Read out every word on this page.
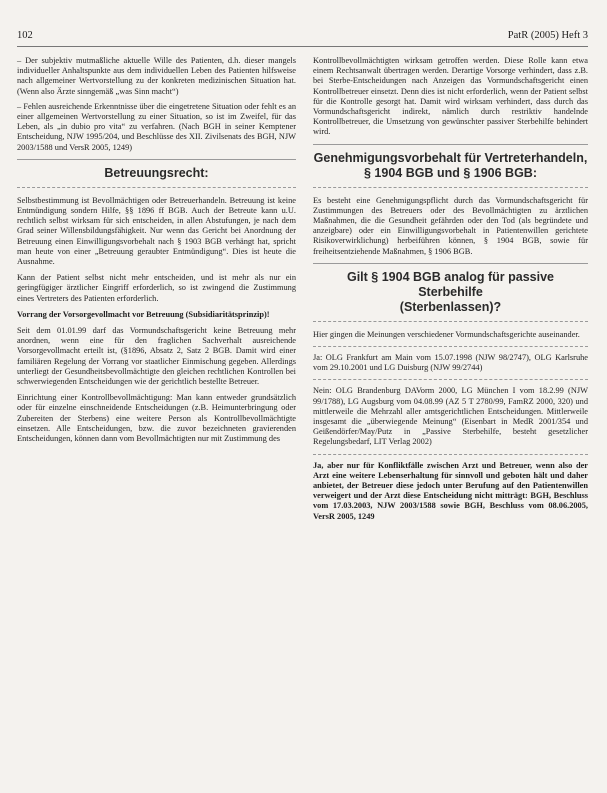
102	PatR (2005) Heft 3

– Der subjektiv mutmaßliche aktuelle Wille des Patienten, d.h. dieser mangels individueller Anhaltspunkte aus dem individuellen Leben des Patienten hilfsweise nach allgemeiner Wertvorstellung zu der konkreten medizinischen Situation hat. (Wenn also Ärzte sinngemäß „was Sinn macht“)

– Fehlen ausreichende Erkenntnisse über die eingetretene Situation oder fehlt es an einer allgemeinen Wertvorstellung zu einer Situation, so ist im Zweifel, für das Leben, als „in dubio pro vita“ zu verfahren. (Nach BGH in seiner Kemptener Entscheidung, NJW 1995/204, und Beschlüsse des XII. Zivilsenats des BGH, NJW 2003/1588 und VersR 2005, 1249)

Betreuungsrecht:

Selbstbestimmung ist Bevollmächtigen oder Betreuerhandeln. Betreuung ist keine Entmündigung sondern Hilfe, §§ 1896 ff BGB. Auch der Betreute kann u.U. rechtlich selbst wirksam für sich entscheiden, in allen Abstufungen, je nach dem Grad seiner Willensbildungsfähigkeit. Nur wenn das Gericht bei Anordnung der Betreuung einen Einwilligungsvorbehalt nach § 1903 BGB verhängt hat, spricht man heute von einer „Betreuung geraubter Entmündigung“. Dies ist heute die Ausnahme.

Kann der Patient selbst nicht mehr entscheiden, und ist mehr als nur ein geringfügiger ärztlicher Eingriff erforderlich, so ist zwingend die Zustimmung eines Vertreters des Patienten erforderlich.

Vorrang der Vorsorgevollmacht vor Betreuung (Subsidiaritätsprinzip)!

Seit dem 01.01.99 darf das Vormundschaftsgericht keine Betreuung mehr anordnen, wenn eine für den fraglichen Sachverhalt ausreichende Vorsorgevollmacht erteilt ist, (§1896, Absatz 2, Satz 2 BGB. Damit wird einer familiären Regelung der Vorrang vor staatlicher Einmischung gegeben. Allerdings unterliegt der Gesundheitsbevollmächtigte den gleichen rechtlichen Kontrollen bei schwerwiegenden Entscheidungen wie der gerichtlich bestellte Betreuer.

Einrichtung einer Kontrollbevollmächtigung: Man kann entweder grundsätzlich oder für einzelne einschneidende Entscheidungen (z.B. Heimunterbringung oder Zubereiten der Sterbens) eine weitere Person als Kontrollbevollmächtigte einsetzen. Alle Entscheidungen, bzw. die zuvor bezeichneten gravierenden Entscheidungen, können dann vom Bevollmächtigten nur mit Zustimmung des

Kontrollbevollmächtigten wirksam getroffen werden. Diese Rolle kann etwa einem Rechtsanwalt übertragen werden. Derartige Vorsorge verhindert, dass z.B. bei Sterbe-Entscheidungen nach Anzeigen das Vormundschaftsgericht einen Kontrollbetreuer einsetzt. Denn dies ist nicht erforderlich, wenn der Patient selbst für die Kontrolle gesorgt hat. Damit wird wirksam verhindert, dass durch das Vormundschaftsgericht indirekt, nämlich durch restriktiv handelnde Kontrollbetreuer, die Umsetzung von gewünschter passiver Sterbehilfe behindert wird.

Genehmigungsvorbehalt für Vertreterhandeln,
§ 1904 BGB und § 1906 BGB:

Es besteht eine Genehmigungspflicht durch das Vormundschaftsgericht für Zustimmungen des Betreuers oder des Bevollmächtigten zu ärztlichen Maßnahmen, die die Gesundheit gefährden oder den Tod (als begründete und anzeigbare) oder ein Einwilligungsvorbehalt in Patientenwillen gerichtete Risikoverwirklichung) herbeiführen können, § 1904 BGB, sowie für freiheitsentziehende Maßnahmen, § 1906 BGB.

Gilt § 1904 BGB analog für passive Sterbehilfe
(Sterbenlassen)?

Hier gingen die Meinungen verschiedener Vormundschaftsgerichte auseinander.

Ja: OLG Frankfurt am Main vom 15.07.1998 (NJW 98/2747), OLG Karlsruhe vom 29.10.2001 und LG Duisburg (NJW 99/2744)

Nein: OLG Brandenburg DAVorm 2000, LG München I vom 18.2.99 (NJW 99/1788), LG Augsburg vom 04.08.99 (AZ 5 T 2780/99, FamRZ 2000, 320) und mittlerweile die Mehrzahl aller amtsgerichtlichen Entscheidungen. Mittlerweile insgesamt die „überwiegende Meinung“ (Eisenbart in MedR 2001/354 und Geißendörfer/May/Putz in „Passive Sterbehilfe, besteht gesetzlicher Regelungsbedarf, LIT Verlag 2002)

Ja, aber nur für Konfliktfälle zwischen Arzt und Betreuer, wenn also der Arzt eine weitere Lebenserhaltung für sinnvoll und geboten hält und daher anbietet, der Betreuer diese jedoch unter Berufung auf den Patientenwillen verweigert und der Arzt diese Entscheidung nicht mitträgt: BGH, Beschluss vom 17.03.2003, NJW 2003/1588 sowie BGH, Beschluss vom 08.06.2005, VersR 2005, 1249
